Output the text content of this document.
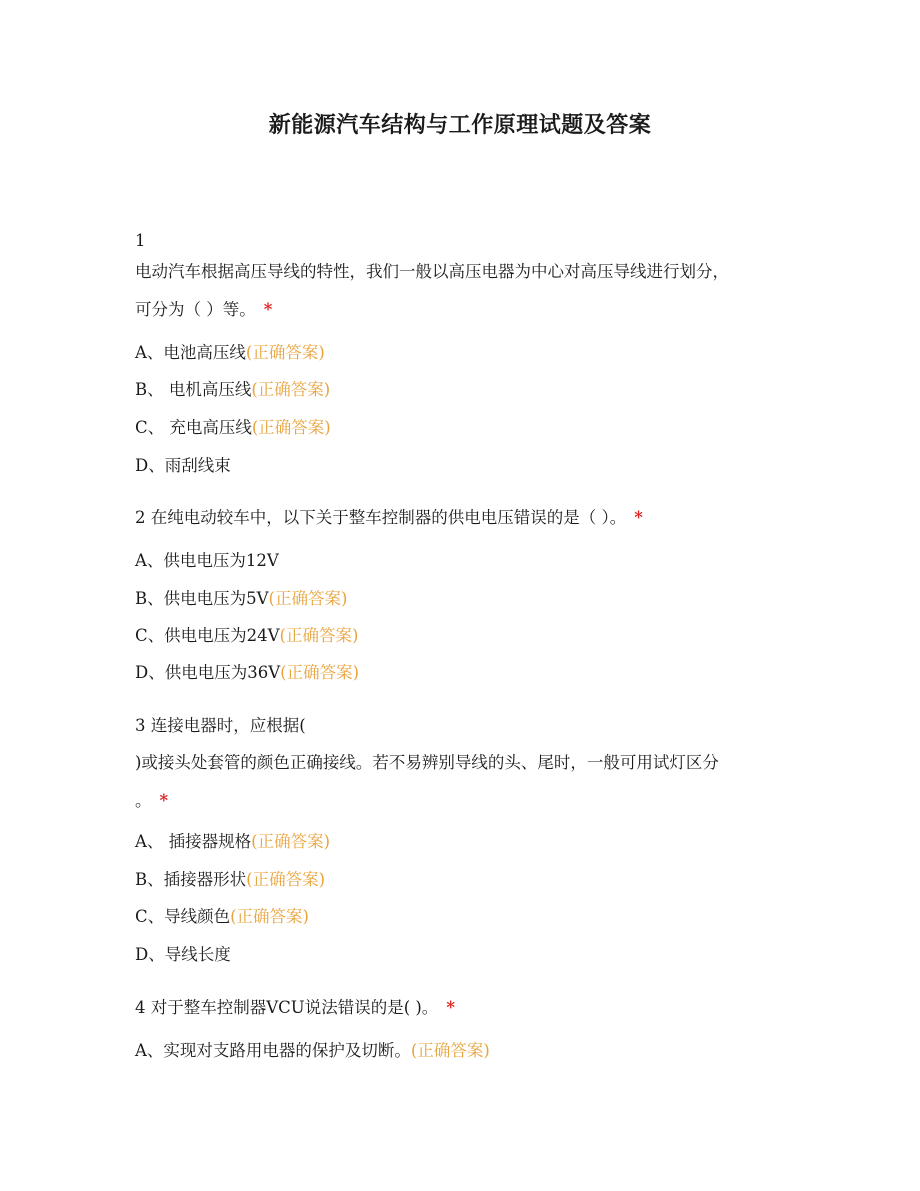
新能源汽车结构与工作原理试题及答案

1

电动汽车根据高压导线的特性，我们一般以高压电器为中心对高压导线进行划分，

可分为（ ）等。 *

A、电池高压线(正确答案)

B、 电机高压线(正确答案)

C、 充电高压线(正确答案)

D、雨刮线束

2 在纯电动较车中，以下关于整车控制器的供电电压错误的是（ ）。 *

A、供电电压为12V

B、供电电压为5V(正确答案)

C、供电电压为24V(正确答案)

D、供电电压为36V(正确答案)

3 连接电器时，应根据(

)或接头处套管的颜色正确接线。若不易辨别导线的头、尾时，一般可用试灯区分

。 *

A、 插接器规格(正确答案)

B、插接器形状(正确答案)

C、导线颜色(正确答案)

D、导线长度

4 对于整车控制器VCU说法错误的是( )。 *

A、实现对支路用电器的保护及切断。(正确答案)
